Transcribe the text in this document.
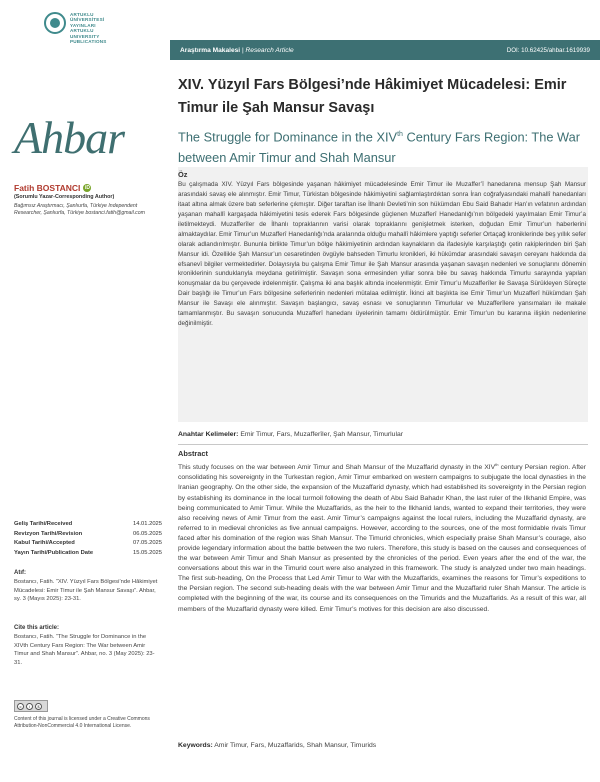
ARTUKLU
ÜNİVERSİTESİ
YAYINLARI
ARTUKLU
UNIVERSITY
PUBLICATIONS
Ahbar
Fatih BOSTANCI iD
(Sorumlu Yazar-Corresponding Author)
Bağımsız Araştırmacı, Şanlıurfa, Türkiye Independent Researcher, Şanlıurfa, Türkiye bostanci.fatih@gmail.com
Geliş Tarihi/Received	14.01.2025
Revizyon Tarihi/Revision	06.05.2025
Kabul Tarihi/Accepted	07.05.2025
Yayın Tarihi/Publication Date	15.05.2025
Atıf:
Bostancı, Fatih. “XIV. Yüzyıl Fars Bölgesi’nde Hâkimiyet Mücadelesi: Emir Timur ile Şah Mansur Savaşı”. Ahbar, sy. 3 (Mayıs 2025): 23-31.
Cite this article:
Bostancı, Fatih. “The Struggle for Dominance in the XIVth Century Fars Region: The War between Amir Timur and Shah Mansur”. Ahbar, no. 3 (May 2025): 23-31.
c	i	$
Content of this journal is licensed under a Creative Commons Attribution-NonCommercial 4.0 International License.
Araştırma Makalesi | Research Article	DOI: 10.62425/ahbar.1619939
XIV. Yüzyıl Fars Bölgesi’nde Hâkimiyet Mücadelesi: Emir Timur ile Şah Mansur Savaşı
The Struggle for Dominance in the XIVth Century Fars Region: The War between Amir Timur and Shah Mansur
Öz
Bu çalışmada XIV. Yüzyıl Fars bölgesinde yaşanan hâkimiyet mücadelesinde Emir Timur ile Muzaffer’î hanedanına mensup Şah Mansur arasındaki savaş ele alınmıştır. Emir Timur, Türkistan bölgesinde hâkimiyetini sağlamlaştırdıktan sonra İran coğrafyasındaki mahallî hanedanları itaat altına almak üzere batı seferlerine çıkmıştır. Diğer taraftan ise İlhanlı Devleti’nin son hükümdarı Ebu Said Bahadır Han’ın vefatının ardından yaşanan mahallî kargaşada hâkimiyetini tesis ederek Fars bölgesinde güçlenen Muzafferî Hanedanlığı’nın bölgedeki yayılmaları Emir Timur’a iletilmekteydi. Muzafferîler de İlhanlı topraklarının varisi olarak topraklarını genişletmek isterken, doğudan Emir Timur’un haberlerini almaktaydılar. Emir Timur’un Muzafferî Hanedanlığı’nda aralarında olduğu mahallî hâkimlere yaptığı seferler Ortaçağ kroniklerinde beş yıllık sefer olarak adlandırılmıştır. Bununla birlikte Timur’un bölge hâkimiyetinin ardından kaynakların da ifadesiyle karşılaştığı çetin rakiplerinden biri Şah Mansur idi. Özellikle Şah Mansur’un cesaretinden övgüyle bahseden Timurlu kronikleri, iki hükümdar arasındaki savaşın cereyanı hakkında da efsanevî bilgiler vermektedirler. Dolayısıyla bu çalışma Emir Timur ile Şah Mansur arasında yaşanan savaşın nedenleri ve sonuçlarını dönemin kroniklerinin sunduklarıyla meydana getirilmiştir. Savaşın sona ermesinden yıllar sonra bile bu savaş hakkında Timurlu sarayında yapılan konuşmalar da bu çerçevede irdelenmiştir. Çalışma iki ana başlık altında incelenmiştir. Emir Timur’u Muzafferîler ile Savaşa Sürükleyen Süreçte Dair başlığı ile Timur’un Fars bölgesine seferlerinin nedenleri mütalaa edilmiştir. İkinci alt başlıkta ise Emir Timur’un Muzafferî hükümdarı Şah Mansur ile Savaşı ele alınmıştır. Savaşın başlangıcı, savaş esnası ve sonuçlarının Timurlular ve Muzafferîlere yansımaları ile makale tamamlanmıştır. Bu savaşın sonucunda Muzafferî hanedanı üyelerinin tamamı öldürülmüştür. Emir Timur’un bu kararına ilişkin nedenlerine değinilmiştir.
Anahtar Kelimeler: Emir Timur, Fars, Muzafferîler, Şah Mansur, Timurlular
Abstract
This study focuses on the war between Amir Timur and Shah Mansur of the Muzaffarid dynasty in the XIVth century Persian region. After consolidating his sovereignty in the Turkestan region, Amir Timur embarked on western campaigns to subjugate the local dynasties in the Iranian geography. On the other side, the expansion of the Muzaffarid dynasty, which had established its sovereignty in the Persian region by establishing its dominance in the local turmoil following the death of Abu Said Bahadır Khan, the last ruler of the Ilkhanid Empire, was being communicated to Amir Timur. While the Muzaffarids, as the heir to the Ilkhanid lands, wanted to expand their territories, they were also receiving news of Amir Timur from the east. Amir Timur’s campaigns against the local rulers, including the Muzaffarid dynasty, are referred to in medieval chronicles as five annual campaigns. However, according to the sources, one of the most formidable rivals Timur faced after his domination of the region was Shah Mansur. The Timurid chronicles, which especially praise Shah Mansur’s courage, also provide legendary information about the battle between the two rulers. Therefore, this study is based on the causes and consequences of the war between Amir Timur and Shah Mansur as presented by the chronicles of the period. Even years after the end of the war, the conversations about this war in the Timurid court were also analyzed in this framework. The study is analyzed under two main headings. The first sub-heading, On the Process that Led Amir Timur to War with the Muzaffarids, examines the reasons for Timur’s expeditions to the Persian region. The second sub-heading deals with the war between Amir Timur and the Muzaffarid ruler Shah Mansur. The article is completed with the beginning of the war, its course and its consequences on the Timurids and the Muzaffarids. As a result of this war, all members of the Muzaffarid dynasty were killed. Emir Timur’s motives for this decision are also discussed.
Keywords: Amir Timur, Fars, Muzaffarids, Shah Mansur, Timurids
